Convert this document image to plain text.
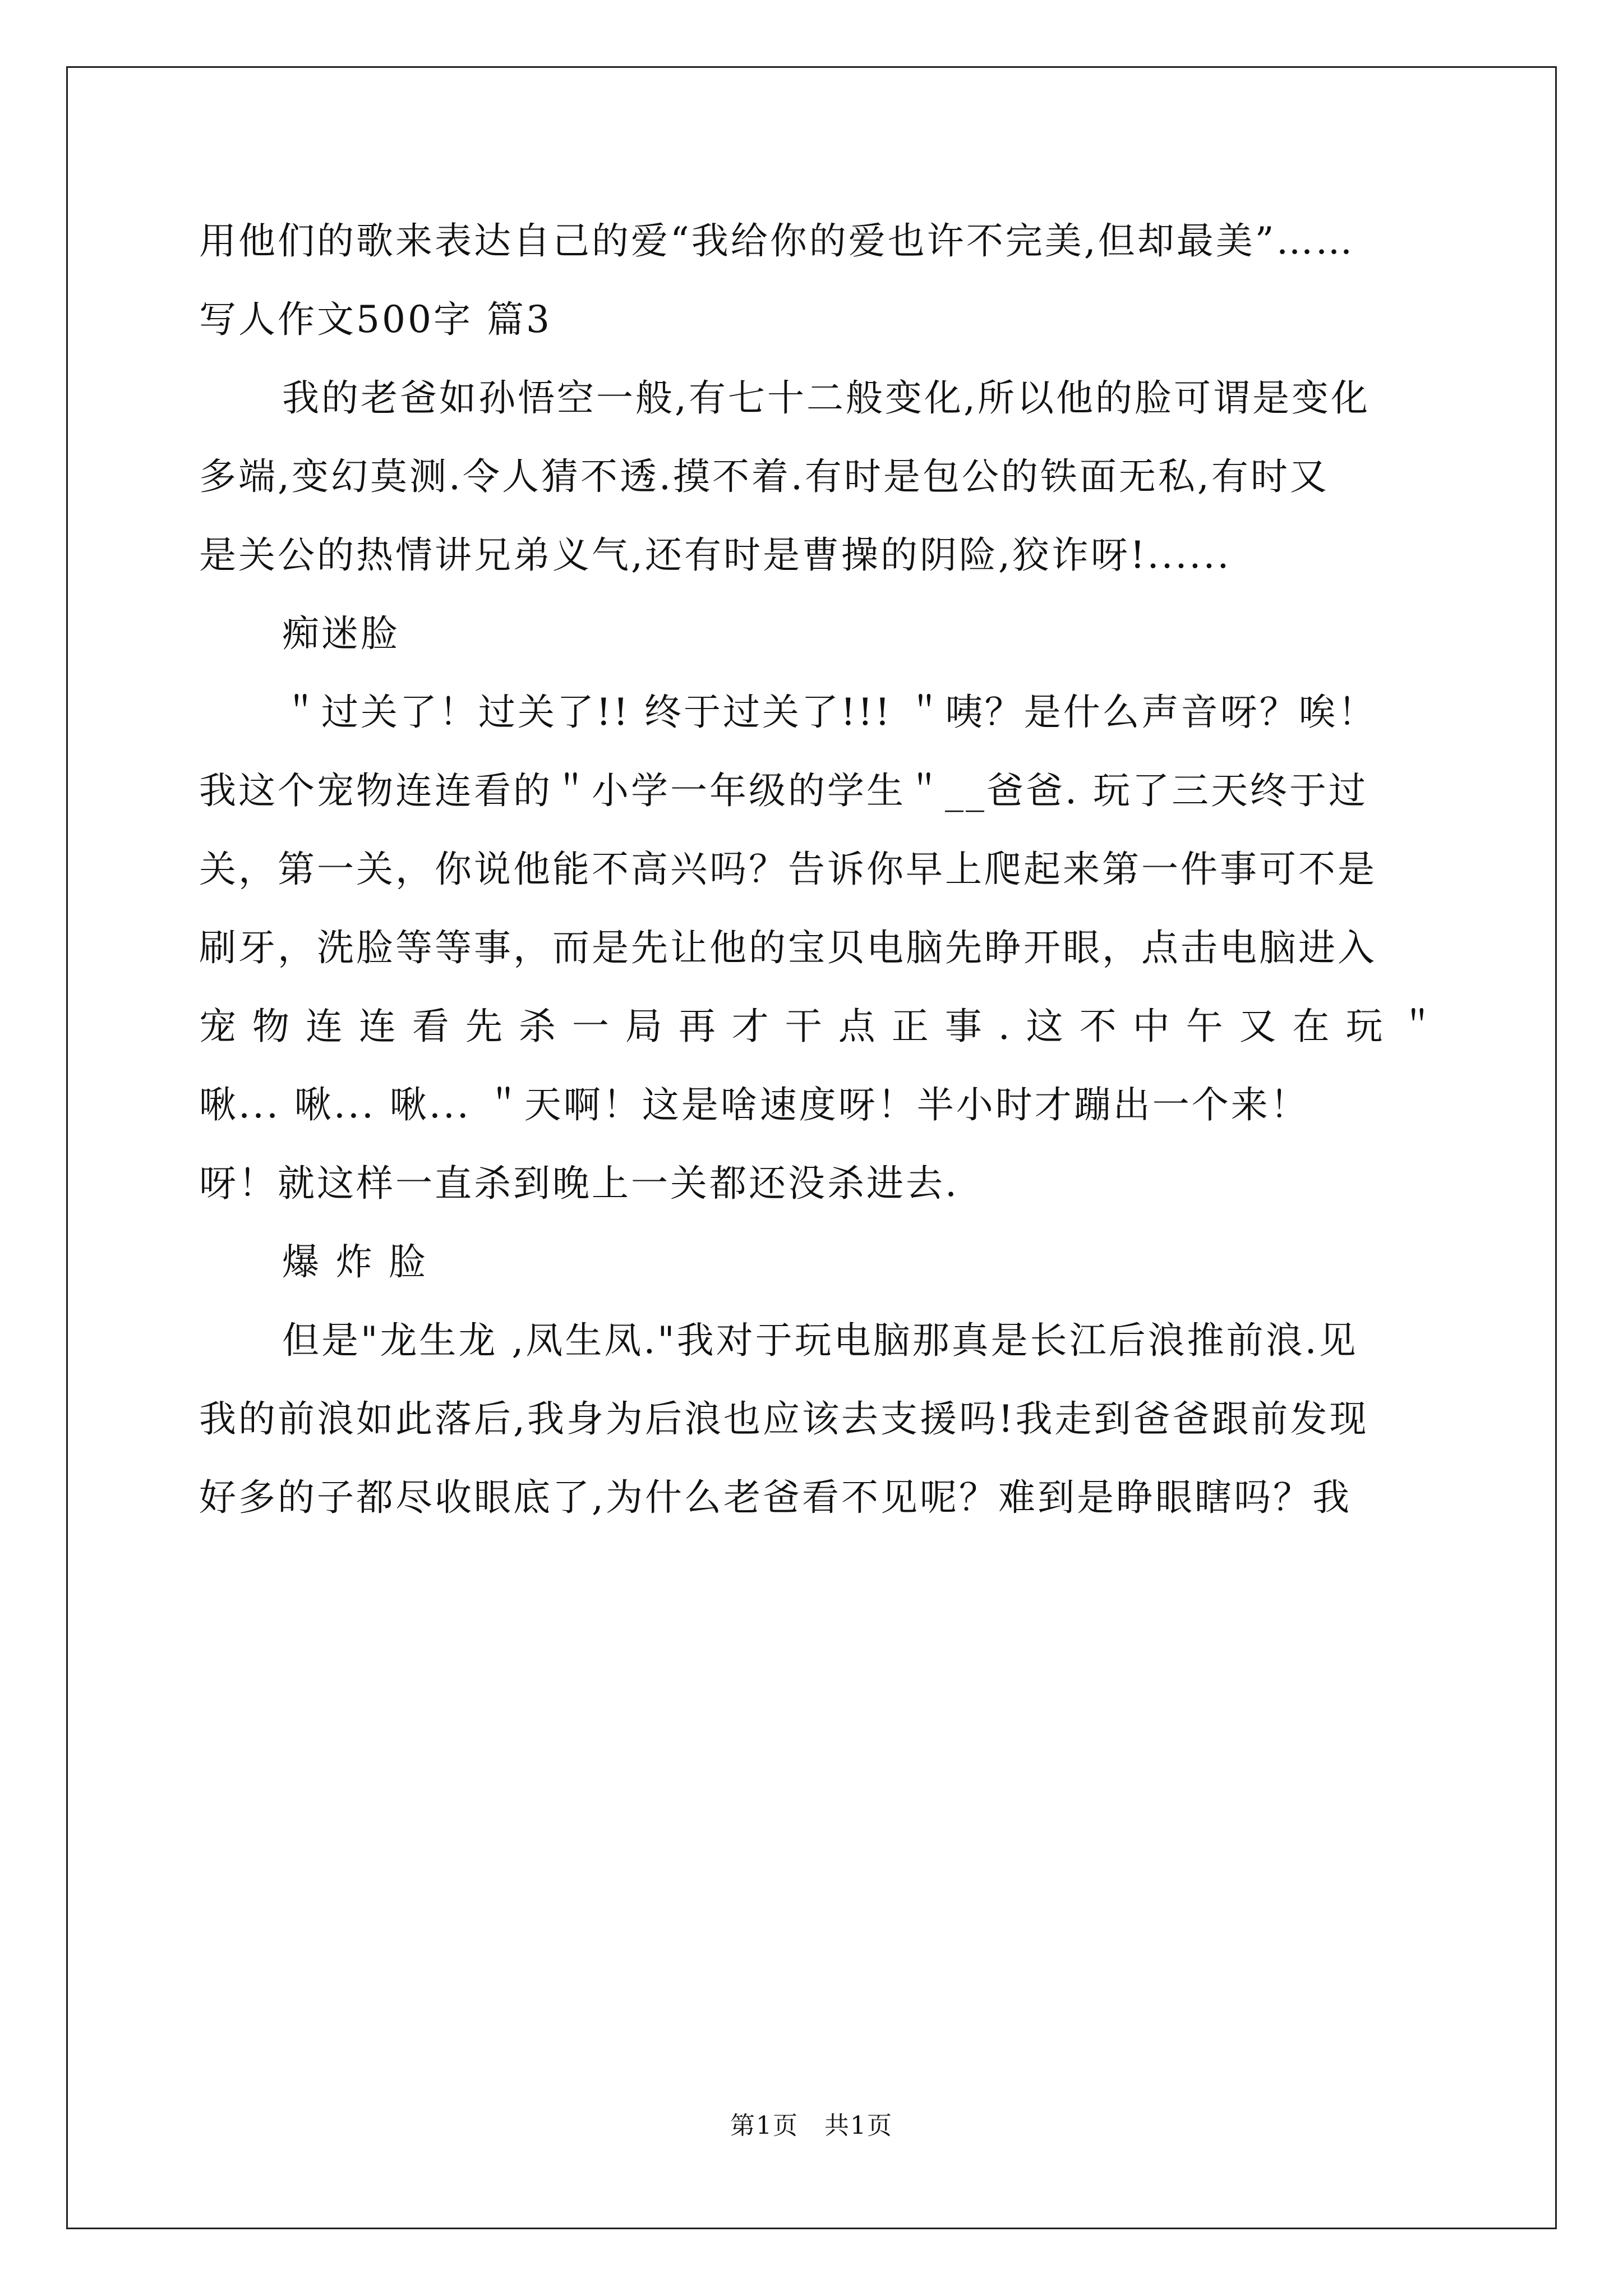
用他们的歌来表达自己的爱“我给你的爱也许不完美,但却最美”……
写人作文500字 篇3
我的老爸如孙悟空一般,有七十二般变化,所以他的脸可谓是变化
多端,变幻莫测.令人猜不透.摸不着.有时是包公的铁面无私,有时又
是关公的热情讲兄弟义气,还有时是曹操的阴险,狡诈呀!......
痴迷脸
＂过关了！过关了!! 终于过关了!!! ＂咦？是什么声音呀？唉！
我这个宠物连连看的＂小学一年级的学生＂__爸爸. 玩了三天终于过
关，第一关，你说他能不高兴吗？告诉你早上爬起来第一件事可不是
刷牙，洗脸等等事，而是先让他的宝贝电脑先睁开眼，点击电脑进入
宠 物 连 连 看 先 杀 一 局 再 才 干 点 正 事 . 这 不 中 午 又 在 玩 ＂
啾... 啾... 啾... ＂天啊！这是啥速度呀！半小时才蹦出一个来！
呀！就这样一直杀到晚上一关都还没杀进去.
爆 炸 脸
但是"龙生龙 ,凤生凤."我对于玩电脑那真是长江后浪推前浪.见
我的前浪如此落后,我身为后浪也应该去支援吗!我走到爸爸跟前发现
好多的子都尽收眼底了,为什么老爸看不见呢？难到是睁眼瞎吗？我
第1页　共1页
